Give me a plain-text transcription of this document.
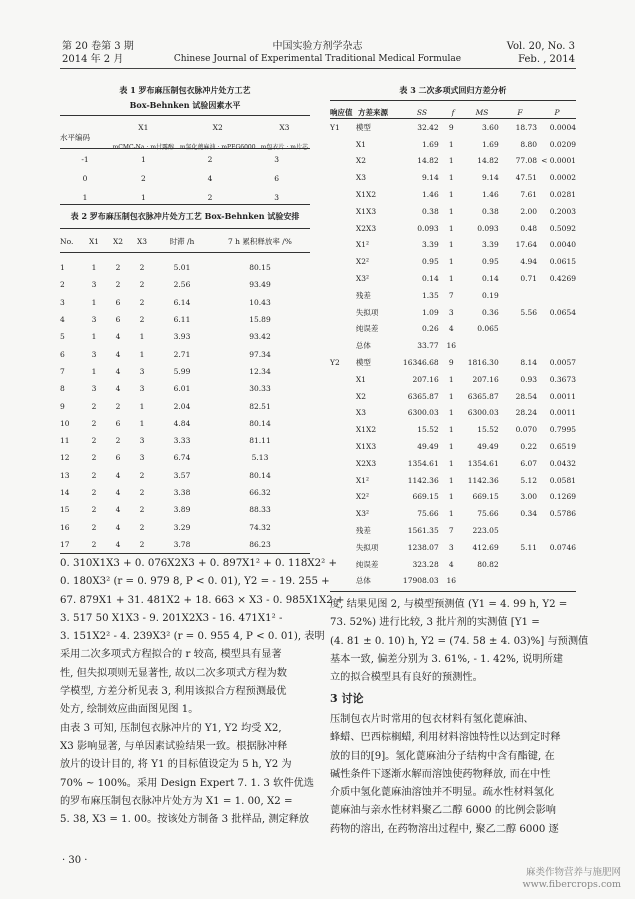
第 20 卷第 3 期
2014 年 2 月
中国实验方剂学杂志
Chinese Journal of Experimental Traditional Medical Formulae
Vol. 20, No. 3
Feb. , 2014
表 1 罗布麻压制包衣脉冲片处方工艺
Box-Behnken 试验因素水平
水平编码	X1	X2	X3
	mCMC-Na : m甘露醇	m氢化蓖麻油 : mPEG6000	m包衣片 : m片芯
-1	1	2	3
0	2	4	6
1	1	2	3
表 2 罗布麻压制包衣脉冲片处方工艺 Box-Behnken 试验安排
No.	X1	X2	X3	时滞 /h	7 h 累积释放率 /%
1	1	2	2	5.01	80.15
2	3	2	2	2.56	93.49
3	1	6	2	6.14	10.43
4	3	6	2	6.11	15.89
5	1	4	1	3.93	93.42
6	3	4	1	2.71	97.34
7	1	4	3	5.99	12.34
8	3	4	3	6.01	30.33
9	2	2	1	2.04	82.51
10	2	6	1	4.84	80.14
11	2	2	3	3.33	81.11
12	2	6	3	6.74	5.13
13	2	4	2	3.57	80.14
14	2	4	2	3.38	66.32
15	2	4	2	3.89	88.33
16	2	4	2	3.29	74.32
17	2	4	2	3.78	86.23
表 3 二次多项式回归方差分析
响应值	方差来源	SS	f	MS	F	P
Y1	模型	32.42	9	3.60	18.73	0.0004
	X1	1.69	1	1.69	8.80	0.0209
	X2	14.82	1	14.82	77.08	< 0.0001
	X3	9.14	1	9.14	47.51	0.0002
	X1X2	1.46	1	1.46	7.61	0.0281
	X1X3	0.38	1	0.38	2.00	0.2003
	X2X3	0.093	1	0.093	0.48	0.5092
	X1²	3.39	1	3.39	17.64	0.0040
	X2²	0.95	1	0.95	4.94	0.0615
	X3²	0.14	1	0.14	0.71	0.4269
	残差	1.35	7	0.19		
	失拟项	1.09	3	0.36	5.56	0.0654
	纯误差	0.26	4	0.065		
	总体	33.77	16			
Y2	模型	16346.68	9	1816.30	8.14	0.0057
	X1	207.16	1	207.16	0.93	0.3673
	X2	6365.87	1	6365.87	28.54	0.0011
	X3	6300.03	1	6300.03	28.24	0.0011
	X1X2	15.52	1	15.52	0.070	0.7995
	X1X3	49.49	1	49.49	0.22	0.6519
	X2X3	1354.61	1	1354.61	6.07	0.0432
	X1²	1142.36	1	1142.36	5.12	0.0581
	X2²	669.15	1	669.15	3.00	0.1269
	X3²	75.66	1	75.66	0.34	0.5786
	残差	1561.35	7	223.05		
	失拟项	1238.07	3	412.69	5.11	0.0746
	纯误差	323.28	4	80.82		
	总体	17908.03	16			
0. 310X1X3 + 0. 076X2X3 + 0. 897X1² + 0. 118X2² +
0. 180X3² (r = 0. 979 8, P < 0. 01), Y2 = - 19. 255 +
67. 879X1 + 31. 481X2 + 18. 663 × X3 - 0. 985X1X2 +
3. 517 50 X1X3 - 9. 201X2X3 - 16. 471X1² -
3. 151X2² - 4. 239X3² (r = 0. 955 4, P < 0. 01), 表明
采用二次多项式方程拟合的 r 较高, 模型具有显著
性, 但失拟项则无显著性, 故以二次多项式方程为数
学模型, 方差分析见表 3, 利用该拟合方程预测最优
处方, 绘制效应曲面图见图 1。
由表 3 可知, 压制包衣脉冲片的 Y1, Y2 均受 X2,
X3 影响显著, 与单因素试验结果一致。根据脉冲释
放片的设计目的, 将 Y1 的目标值设定为 5 h, Y2 为
70% ~ 100%。采用 Design Expert 7. 1. 3 软件优选
的罗布麻压制包衣脉冲片处方为 X1 = 1. 00, X2 =
5. 38, X3 = 1. 00。按该处方制备 3 批样品, 测定释放
度, 结果见图 2, 与模型预测值 (Y1 = 4. 99 h, Y2 =
73. 52%) 进行比较, 3 批片剂的实测值 [Y1 =
(4. 81 ± 0. 10) h, Y2 = (74. 58 ± 4. 03)%] 与预测值
基本一致, 偏差分别为 3. 61%, - 1. 42%, 说明所建
立的拟合模型具有良好的预测性。
3 讨论
压制包衣片时常用的包衣材料有氢化蓖麻油、
蜂蜡、巴西棕榈蜡, 利用材料溶蚀特性以达到定时释
放的目的[9]。氢化蓖麻油分子结构中含有酯键, 在
碱性条件下逐渐水解而溶蚀使药物释放, 而在中性
介质中氢化蓖麻油溶蚀并不明显。疏水性材料氢化
蓖麻油与亲水性材料聚乙二醇 6000 的比例会影响
药物的溶出, 在药物溶出过程中, 聚乙二醇 6000 逐
· 30 ·
麻类作物营养与施肥网
www.fibercrops.com
